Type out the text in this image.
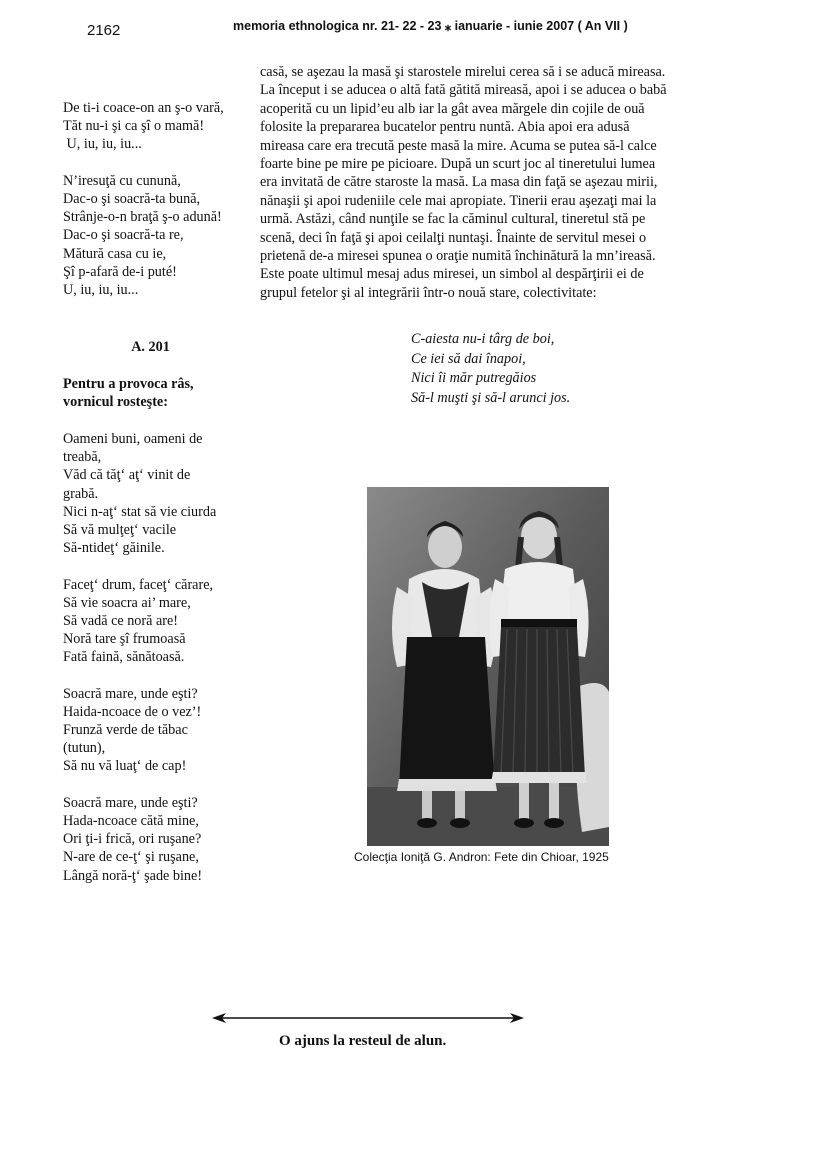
2162	memoria ethnologica nr. 21- 22 - 23 ⁎ ianuarie - iunie 2007 ( An VII )
De ti-i coace-on an ş-o vară,
Tăt nu-i şi ca şî o mamă!
U, iu, iu, iu...
N’iresuţă cu cunună,
Dac-o şi soacră-ta bună,
Strânje-o-n braţă ş-o adună!
Dac-o şi soacră-ta re,
Mătură casa cu ie,
Şî p-afară de-i puté!
U, iu, iu, iu...
A. 201
Pentru a provoca râs,
vornicul rosteşte:
Oameni buni, oameni de
treabă,
Văd că tăţ‘ aţ‘ vinit de
grabă.
Nici n-aţ‘ stat să vie ciurda
Să vă mulţeţ‘ vacile
Să-ntideţ‘ găinile.
Faceţ‘ drum, faceţ‘ cărare,
Să vie soacra ai’ mare,
Să vadă ce noră are!
Noră tare şî frumoasă
Fată faină, sănătoasă.
Soacră mare, unde eşti?
Haida-ncoace de o vez’!
Frunză verde de tăbac
(tutun),
Să nu vă luaţ‘ de cap!
Soacră mare, unde eşti?
Hada-ncoace cătă mine,
Ori ţi-i frică, ori ruşane?
N-are de ce-ţ‘ şi ruşane,
Lângă noră-ţ‘ şade bine!
casă, se aşezau la masă şi starostele mirelui cerea să i se aducă mireasa.
La început i se aducea o altă fată gătită mireasă, apoi i se aducea o babă
acoperită cu un lipid’eu alb iar la gât avea mărgele din cojile de ouă
folosite la prepararea bucatelor pentru nuntă. Abia apoi era adusă
mireasa care era trecută peste masă la mire. Acuma se putea să-l calce
foarte bine pe mire pe picioare. După un scurt joc al tineretului lumea
era invitată de către staroste la masă. La masa din faţă se aşezau mirii,
nănaşii şi apoi rudeniile cele mai apropiate. Tinerii erau aşezaţi mai la
urmă. Astăzi, când nunţile se fac la căminul cultural, tineretul stă pe
scenă, deci în faţă şi apoi ceilalţi nuntaşi. Înainte de servitul mesei o
prietenă de-a miresei spunea o oraţie numită închinătură la mn’ireasă.
Este poate ultimul mesaj adus miresei, un simbol al despărţirii ei de
grupul fetelor şi al integrării într-o nouă stare, colectivitate:
C-aiesta nu-i târg de boi,
Ce iei să dai înapoi,
Nici îi măr putregăios
Să-l muşti şi să-l arunci jos.
Colecţia Ioniţă G. Andron: Fete din Chioar, 1925
O ajuns la resteul de alun.
